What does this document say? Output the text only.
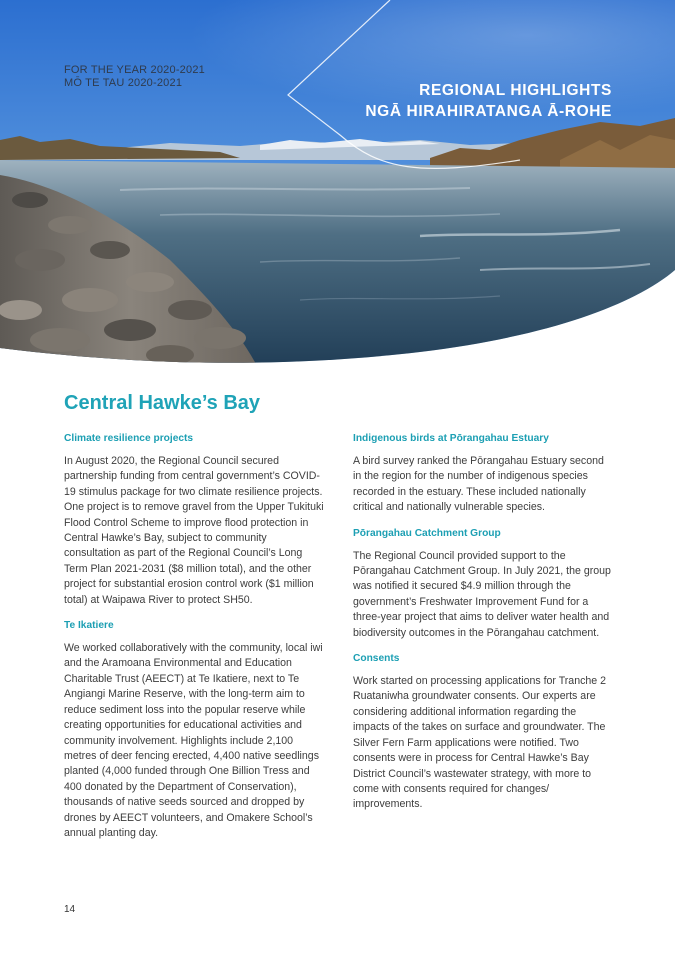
FOR THE YEAR 2020-2021
MŌ TE TAU 2020-2021	REGIONAL HIGHLIGHTS
NGĀ HIRAHIRATANGA Ā-ROHE
Central Hawke’s Bay
Climate resilience projects

In August 2020, the Regional Council secured partnership funding from central government’s COVID-19 stimulus package for two climate resilience projects. One project is to remove gravel from the Upper Tukituki Flood Control Scheme to improve flood protection in Central Hawke’s Bay, subject to community consultation as part of the Regional Council’s Long Term Plan 2021-2031 ($8 million total), and the other project for substantial erosion control work ($1 million total) at Waipawa River to protect SH50.

Te Ikatiere

We worked collaboratively with the community, local iwi and the Aramoana Environmental and Education Charitable Trust (AEECT) at Te Ikatiere, next to Te Angiangi Marine Reserve, with the long-term aim to reduce sediment loss into the popular reserve while creating opportunities for educational activities and community involvement. Highlights include 2,100 metres of deer fencing erected, 4,400 native seedlings planted (4,000 funded through One Billion Tress and 400 donated by the Department of Conservation), thousands of native seeds sourced and dropped by drones by AEECT volunteers, and Omakere School’s annual planting day.

Indigenous birds at Pōrangahau Estuary

A bird survey ranked the Pōrangahau Estuary second in the region for the number of indigenous species recorded in the estuary. These included nationally critical and nationally vulnerable species.

Pōrangahau Catchment Group

The Regional Council provided support to the Pōrangahau Catchment Group. In July 2021, the group was notified it secured $4.9 million through the government’s Freshwater Improvement Fund for a three-year project that aims to deliver water health and biodiversity outcomes in the Pōrangahau catchment.

Consents

Work started on processing applications for Tranche 2 Ruataniwha groundwater consents. Our experts are considering additional information regarding the impacts of the takes on surface and groundwater. The Silver Fern Farm applications were notified. Two consents were in process for Central Hawke’s Bay District Council’s wastewater strategy, with more to come with consents required for changes/ improvements.

14
